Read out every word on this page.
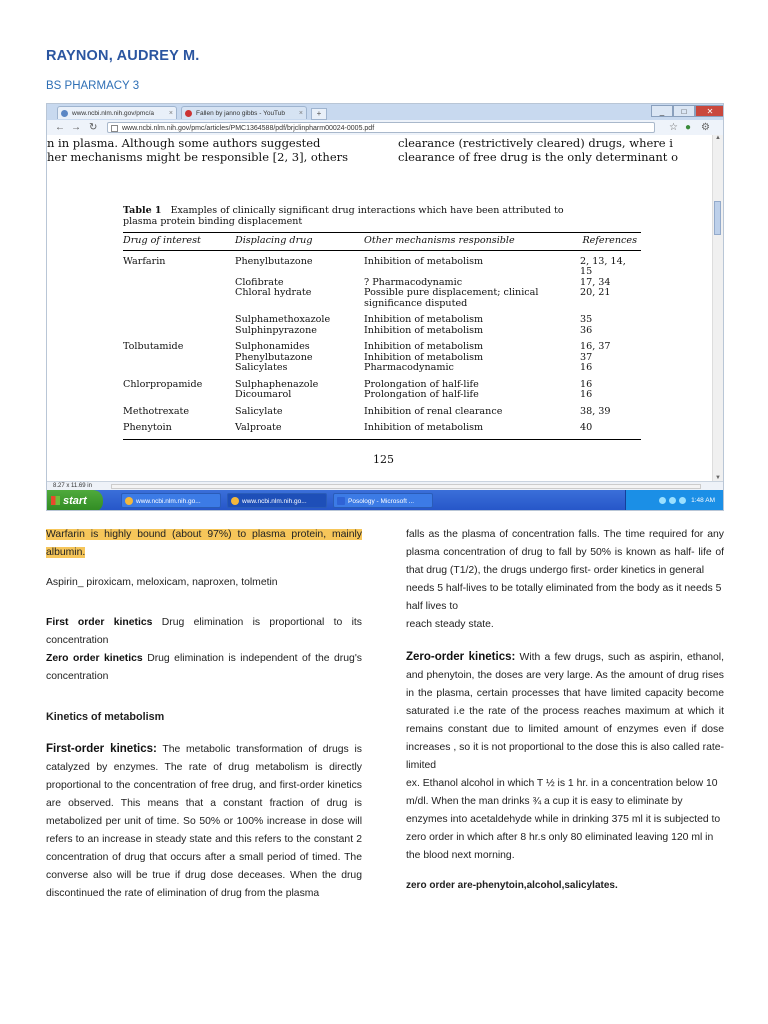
RAYNON, AUDREY M.
BS PHARMACY 3
www.ncbi.nlm.nih.gov/pmc/a ×	Fallen by janno gibbs - YouTub ×	+	_	□	✕
← → ↻	www.ncbi.nlm.nih.gov/pmc/articles/PMC1364588/pdf/brjclinpharm00024-0005.pdf	☆ ● ⚙
n in plasma. Although some authors suggested
her mechanisms might be responsible [2, 3], others
clearance (restrictively cleared) drugs, where i
clearance of free drug is the only determinant o
Table 1 Examples of clinically significant drug interactions which have been attributed to
plasma protein binding displacement
Drug of interest	Displacing drug	Other mechanisms responsible	References
Warfarin	Phenylbutazone	Inhibition of metabolism	2, 13, 14, 15
	Clofibrate	? Pharmacodynamic	17, 34
	Chloral hydrate	Possible pure displacement; clinical	20, 21
		significance disputed	
	Sulphamethoxazole	Inhibition of metabolism	35
	Sulphinpyrazone	Inhibition of metabolism	36
Tolbutamide	Sulphonamides	Inhibition of metabolism	16, 37
	Phenylbutazone	Inhibition of metabolism	37
	Salicylates	Pharmacodynamic	16
Chlorpropamide	Sulphaphenazole	Prolongation of half-life	16
	Dicoumarol	Prolongation of half-life	16
Methotrexate	Salicylate	Inhibition of renal clearance	38, 39
Phenytoin	Valproate	Inhibition of metabolism	40
125
▲
▼
8.27 x 11.69 in
start	www.ncbi.nlm.nih.go...	www.ncbi.nlm.nih.go...	Posology - Microsoft ...	1:48 AM

Warfarin is highly bound (about 97%) to plasma protein, mainly albumin.

Aspirin_ piroxicam, meloxicam, naproxen, tolmetin

First order kinetics Drug elimination is proportional to its concentration

Zero order kinetics Drug elimination is independent of the drug's concentration

Kinetics of metabolism

First-order kinetics: The metabolic transformation of drugs is catalyzed by enzymes. The rate of drug metabolism is directly proportional to the concentration of free drug, and first-order kinetics are observed. This means that a constant fraction of drug is metabolized per unit of time. So 50% or 100% increase in dose will refers to an increase in steady state and this refers to the constant 2 concentration of drug that occurs after a small period of timed. The converse also will be true if drug dose deceases. When the drug discontinued the rate of elimination of drug from the plasma

falls as the plasma of concentration falls. The time required for any plasma concentration of drug to fall by 50% is known as half- life of that drug (T1/2), the drugs undergo first- order kinetics in general

needs 5 half-lives to be totally eliminated from the body as it needs 5 half lives to

reach steady state.

Zero-order kinetics: With a few drugs, such as aspirin, ethanol, and phenytoin, the doses are very large. As the amount of drug rises in the plasma, certain processes that have limited capacity become saturated i.e the rate of the process reaches maximum at which it remains constant due to limited amount of enzymes even if dose increases , so it is not proportional to the dose this is also called rate- limited

ex. Ethanol alcohol in which T ½ is 1 hr. in a concentration below 10 m/dl. When the man drinks ¾ a cup it is easy to eliminate by enzymes into acetaldehyde while in drinking 375 ml it is subjected to zero order in which after 8 hr.s only 80 eliminated leaving 120 ml in the blood next morning.

zero order are-phenytoin,alcohol,salicylates.
